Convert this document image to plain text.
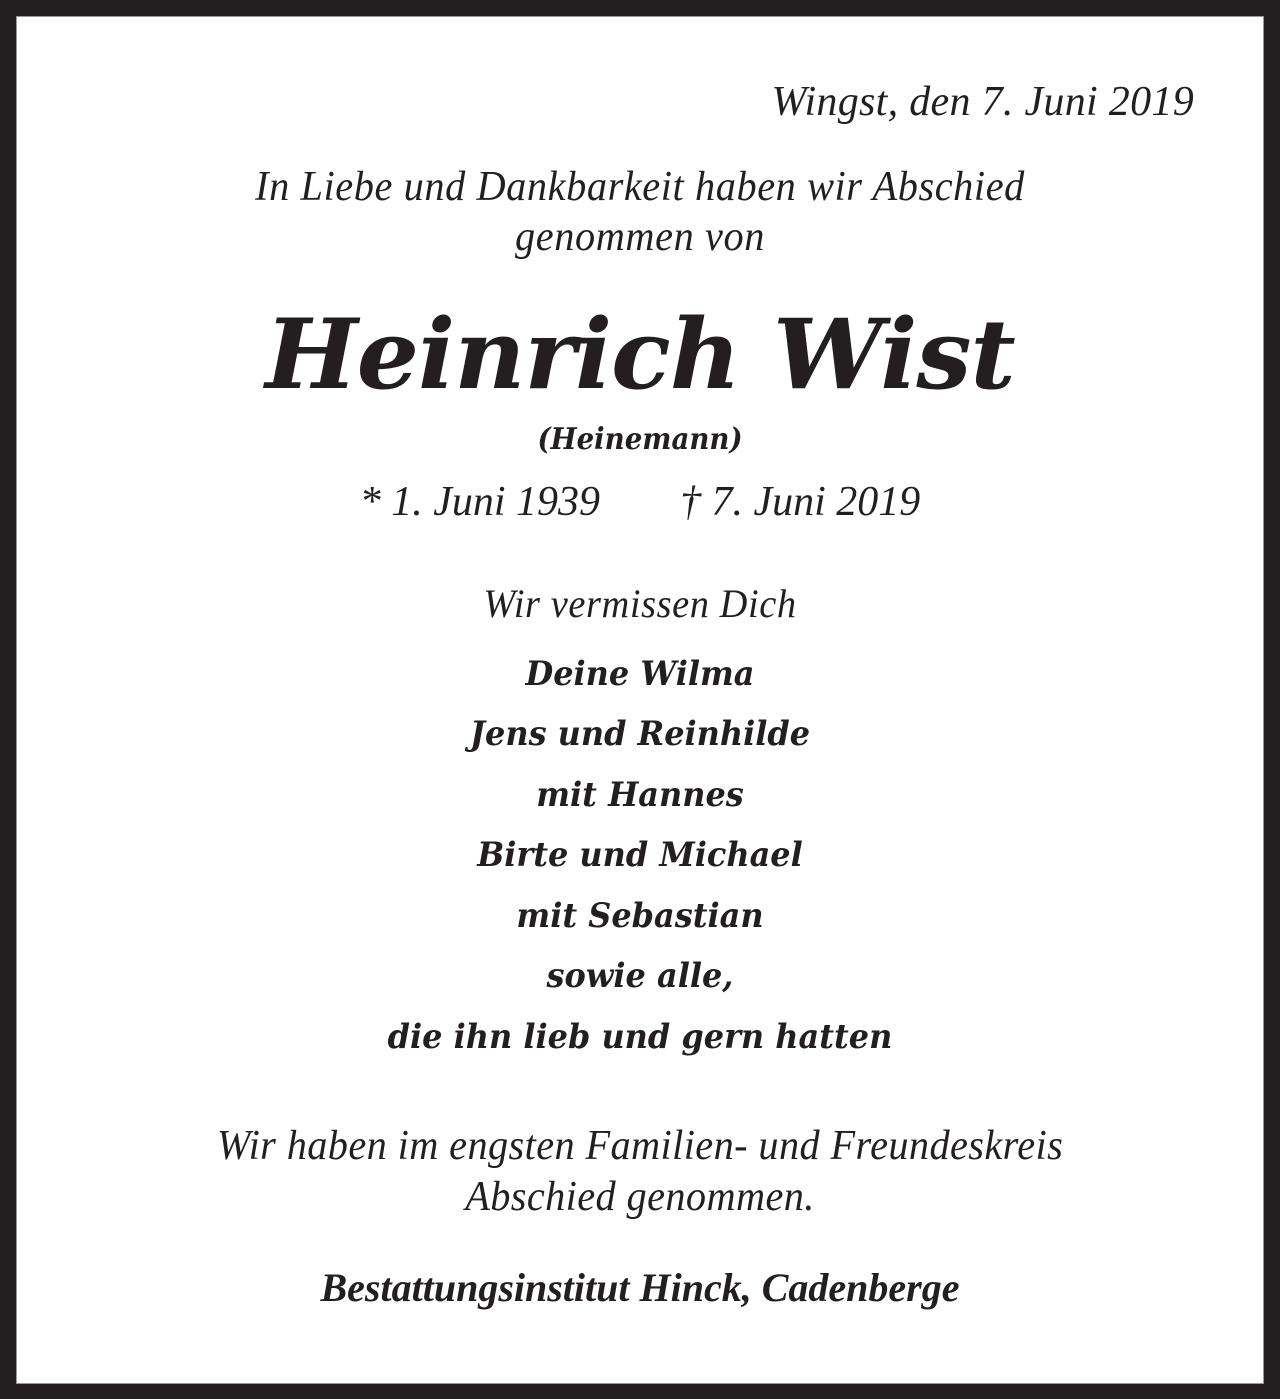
Wingst, den 7. Juni 2019
In Liebe und Dankbarkeit haben wir Abschied
genommen von
Heinrich Wist
(Heinemann)
* 1. Juni 1939 † 7. Juni 2019
Wir vermissen Dich
Deine Wilma
Jens und Reinhilde
mit Hannes
Birte und Michael
mit Sebastian
sowie alle,
die ihn lieb und gern hatten
Wir haben im engsten Familien- und Freundeskreis
Abschied genommen.
Bestattungsinstitut Hinck, Cadenberge
